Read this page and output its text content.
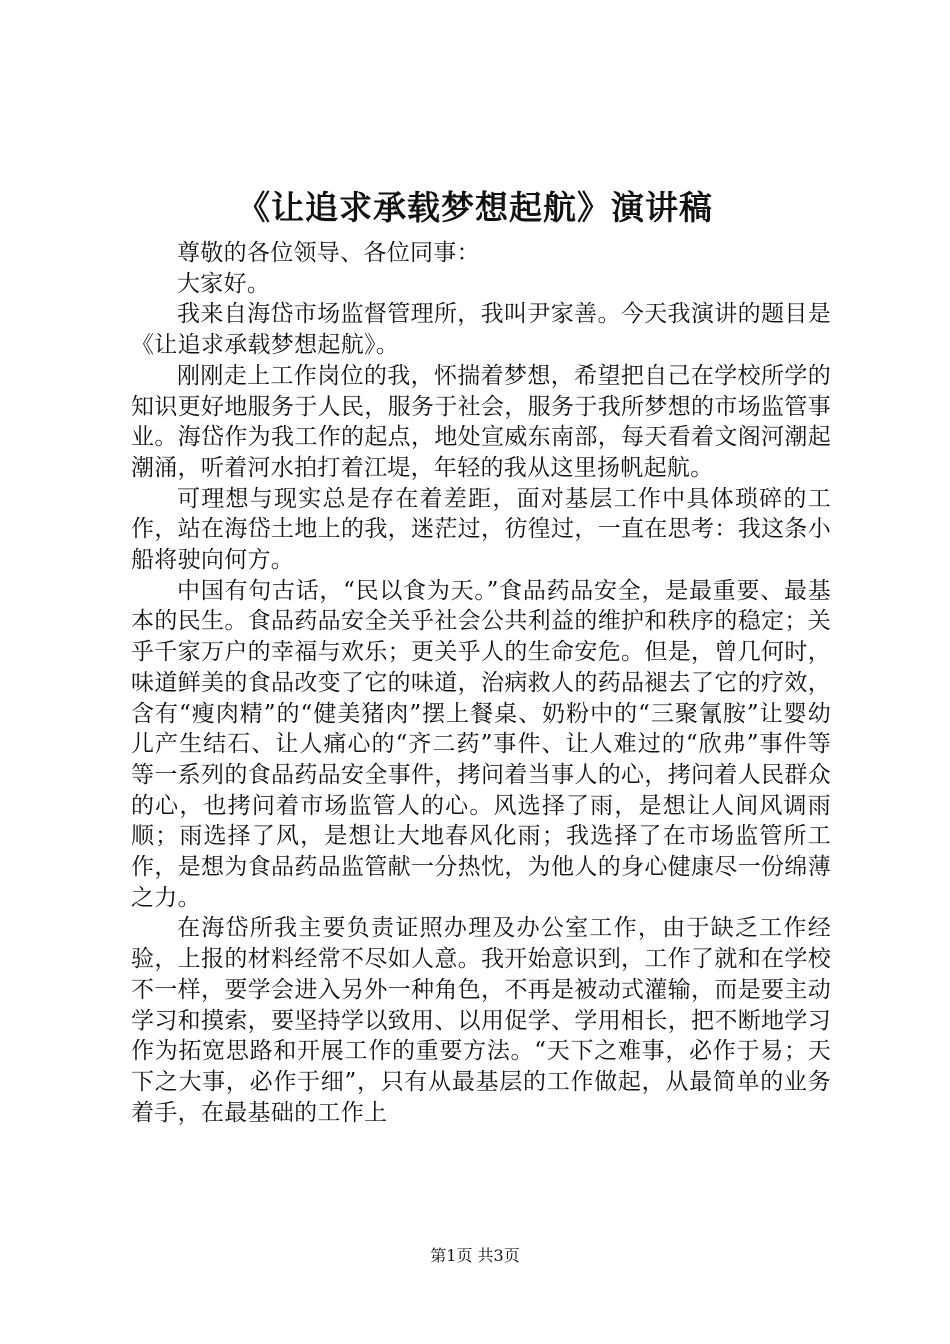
《让追求承载梦想起航》演讲稿

尊敬的各位领导、各位同事：

大家好。

我来自海岱市场监督管理所，我叫尹家善。今天我演讲的题目是《让追求承载梦想起航》。

刚刚走上工作岗位的我，怀揣着梦想，希望把自己在学校所学的知识更好地服务于人民，服务于社会，服务于我所梦想的市场监管事业。海岱作为我工作的起点，地处宣威东南部，每天看着文阁河潮起潮涌，听着河水拍打着江堤，年轻的我从这里扬帆起航。

可理想与现实总是存在着差距，面对基层工作中具体琐碎的工作，站在海岱土地上的我，迷茫过，彷徨过，一直在思考：我这条小船将驶向何方。

中国有句古话，“民以食为天。”食品药品安全，是最重要、最基本的民生。食品药品安全关乎社会公共利益的维护和秩序的稳定；关乎千家万户的幸福与欢乐；更关乎人的生命安危。但是，曾几何时，味道鲜美的食品改变了它的味道，治病救人的药品褪去了它的疗效，含有“瘦肉精”的“健美猪肉”摆上餐桌、奶粉中的“三聚氰胺”让婴幼儿产生结石、让人痛心的“齐二药”事件、让人难过的“欣弗”事件等等一系列的食品药品安全事件，拷问着当事人的心，拷问着人民群众的心，也拷问着市场监管人的心。风选择了雨，是想让人间风调雨顺；雨选择了风，是想让大地春风化雨；我选择了在市场监管所工作，是想为食品药品监管献一分热忱，为他人的身心健康尽一份绵薄之力。

在海岱所我主要负责证照办理及办公室工作，由于缺乏工作经验，上报的材料经常不尽如人意。我开始意识到，工作了就和在学校不一样，要学会进入另外一种角色，不再是被动式灌输，而是要主动学习和摸索，要坚持学以致用、以用促学、学用相长，把不断地学习作为拓宽思路和开展工作的重要方法。“天下之难事，必作于易；天下之大事，必作于细”，只有从最基层的工作做起，从最简单的业务着手，在最基础的工作上

第1页 共3页
